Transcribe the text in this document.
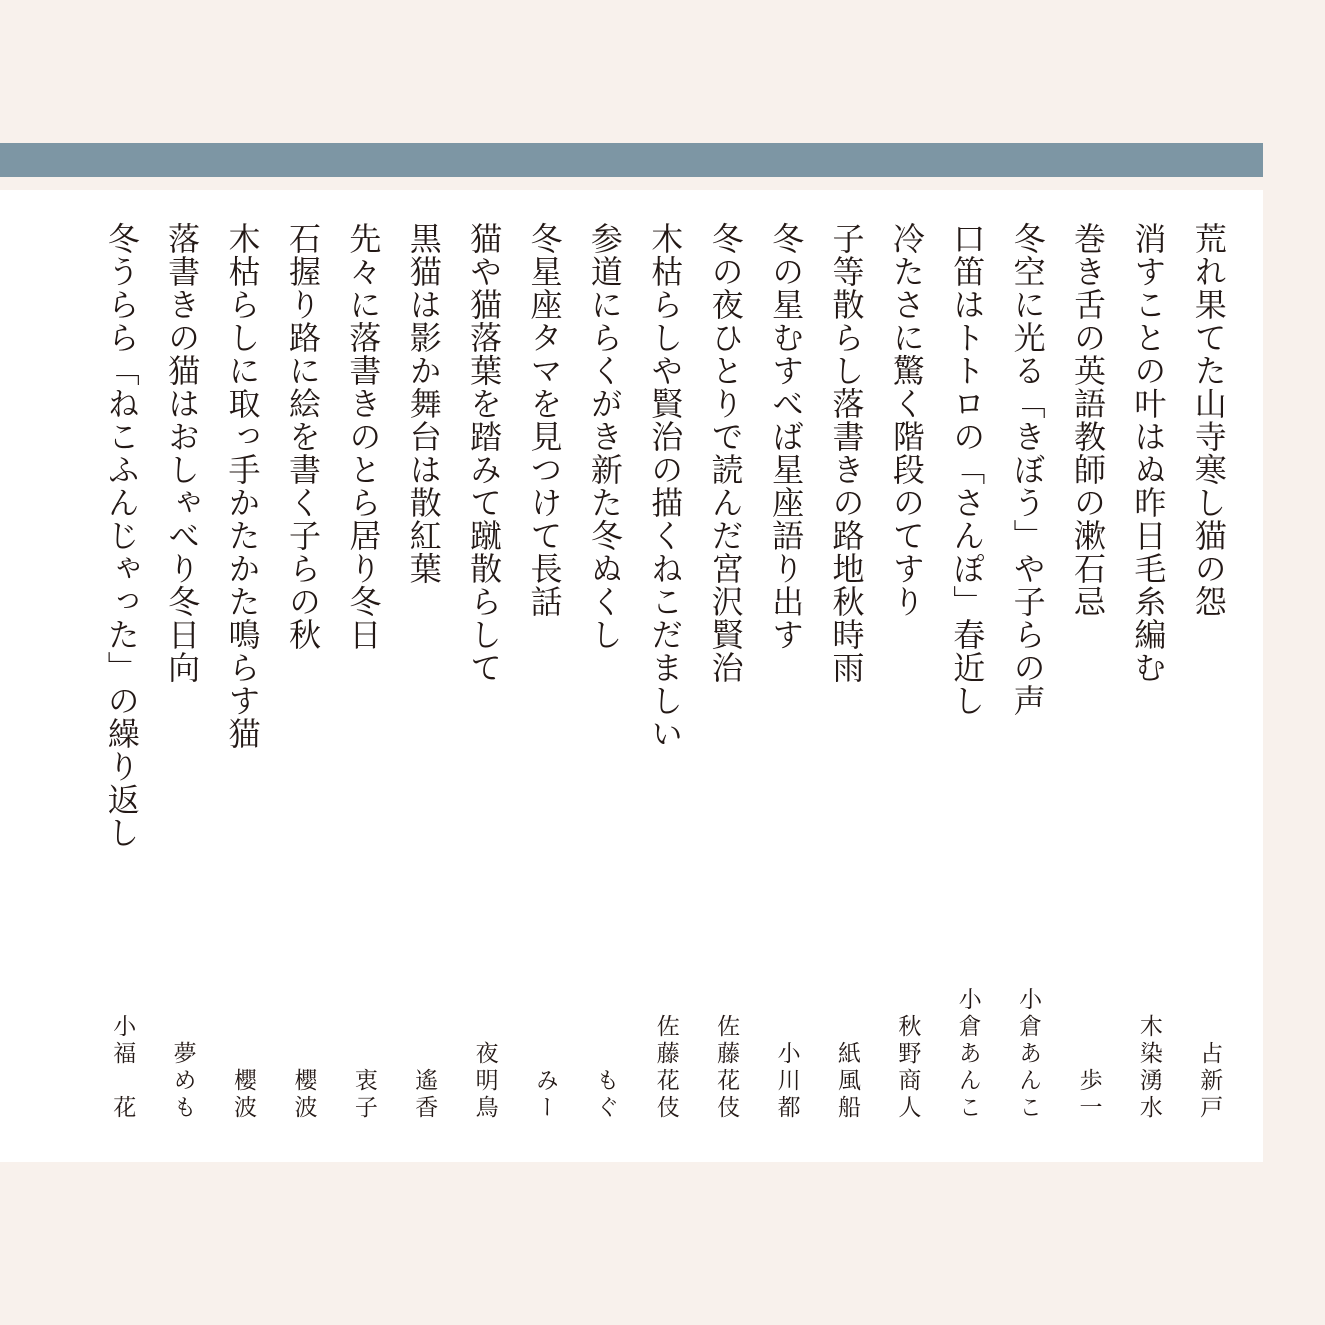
荒れ果てた山寺寒し猫の怨
占新戸
消すことの叶はぬ昨日毛糸編む
木染湧水
巻き舌の英語教師の漱石忌
歩一
冬空に光る「きぼう」や子らの声
小倉あんこ
口笛はトトロの「さんぽ」春近し
小倉あんこ
冷たさに驚く階段のてすり
秋野商人
子等散らし落書きの路地秋時雨
紙風船
冬の星むすべば星座語り出す
小川都
冬の夜ひとりで読んだ宮沢賢治
佐藤花伎
木枯らしや賢治の描くねこだましい
佐藤花伎
参道にらくがき新た冬ぬくし
もぐ
冬星座タマを見つけて長話
みー
猫や猫落葉を踏みて蹴散らして
夜明鳥
黒猫は影か舞台は散紅葉
遙香
先々に落書きのとら居り冬日
衷子
石握り路に絵を書く子らの秋
櫻波
木枯らしに取っ手かたかた鳴らす猫
櫻波
落書きの猫はおしゃべり冬日向
夢めも
冬うらら「ねこふんじゃった」の繰り返し
小福　花
